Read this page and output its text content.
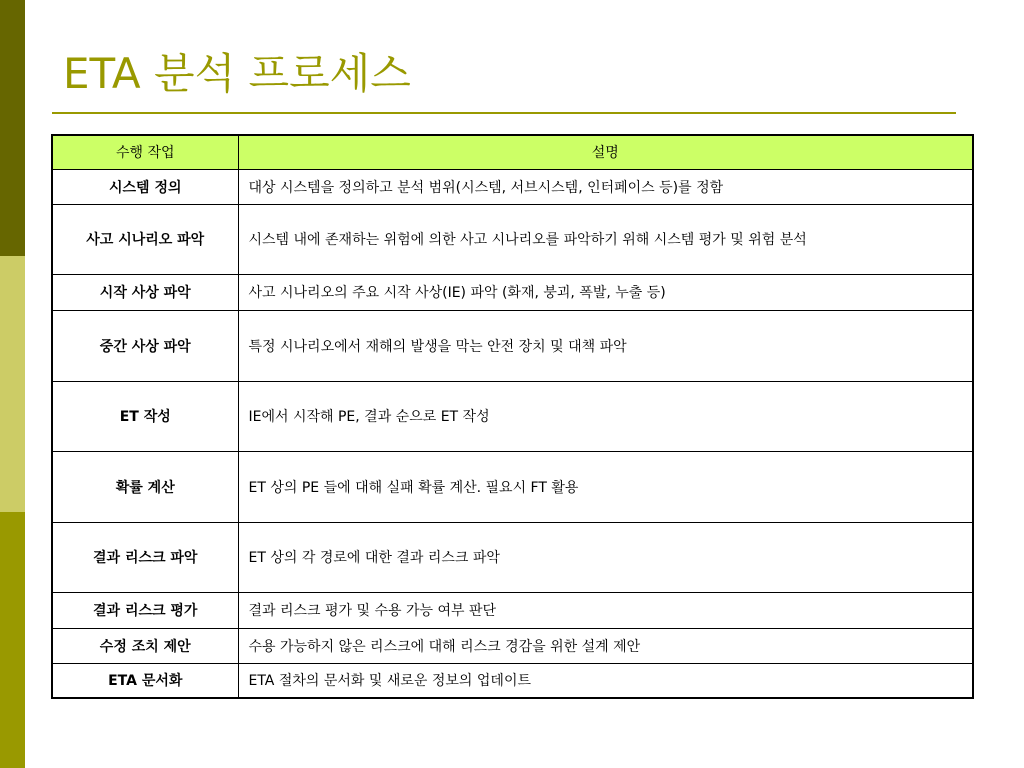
ETA 분석 프로세스
수행 작업	설명
시스템 정의	대상 시스템을 정의하고 분석 범위(시스템, 서브시스템, 인터페이스 등)를 정함
사고 시나리오 파악	시스템 내에 존재하는 위험에 의한 사고 시나리오를 파악하기 위해 시스템 평가 및 위험 분석
시작 사상 파악	사고 시나리오의 주요 시작 사상(IE) 파악 (화재, 붕괴, 폭발, 누출 등)
중간 사상 파악	특정 시나리오에서 재해의 발생을 막는 안전 장치 및 대책 파악
ET 작성	IE에서 시작해 PE, 결과 순으로 ET 작성
확률 계산	ET 상의 PE 들에 대해 실패 확률 계산. 필요시 FT 활용
결과 리스크 파악	ET 상의 각 경로에 대한 결과 리스크 파악
결과 리스크 평가	결과 리스크 평가 및 수용 가능 여부 판단
수정 조치 제안	수용 가능하지 않은 리스크에 대해 리스크 경감을 위한 설계 제안
ETA 문서화	ETA 절차의 문서화 및 새로운 정보의 업데이트
